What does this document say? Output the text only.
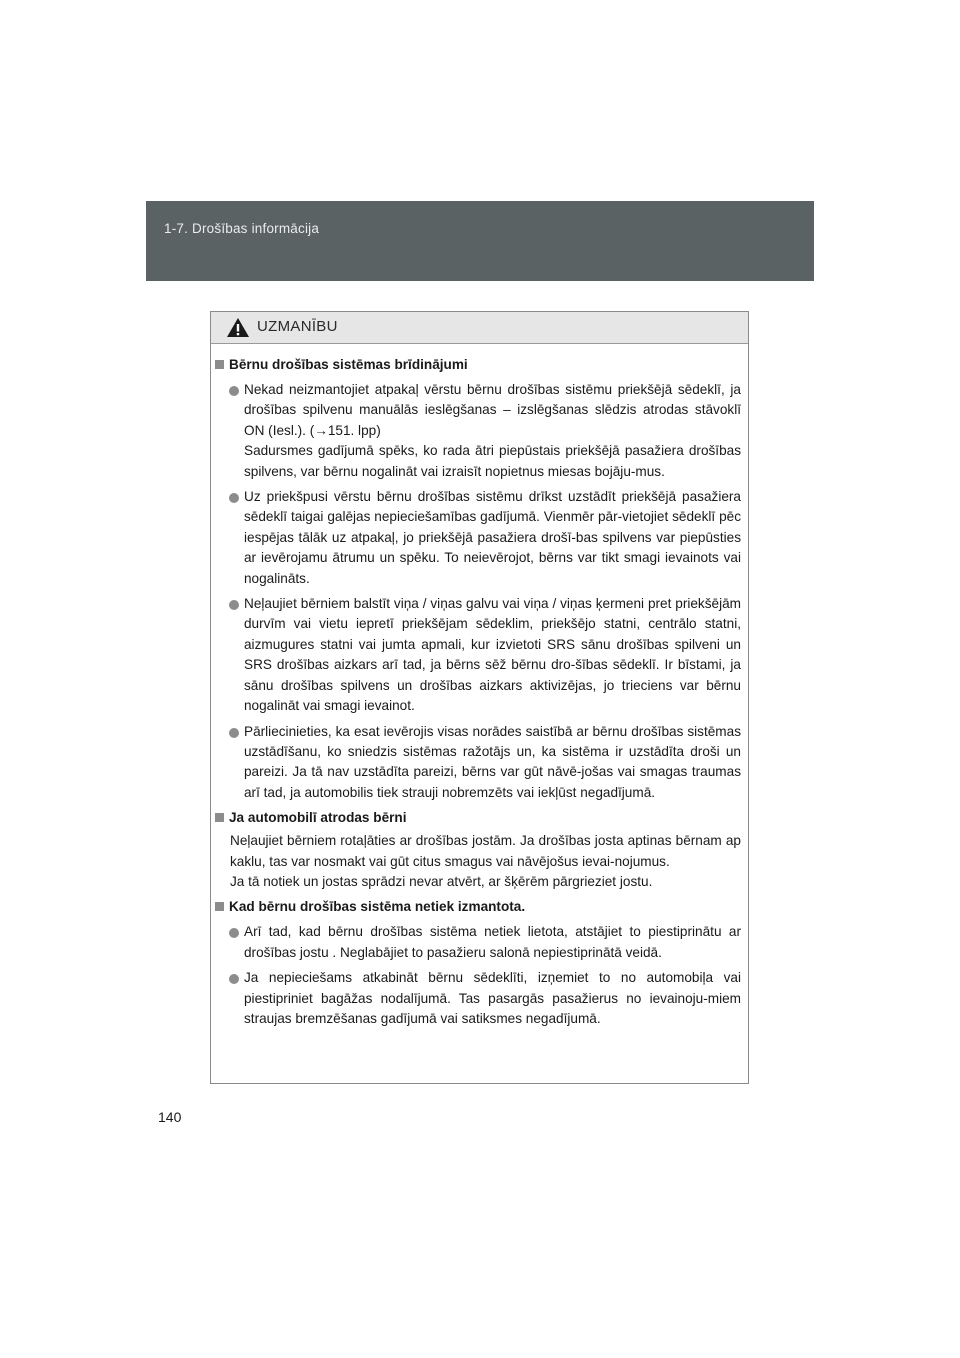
1-7. Drošības informācija
UZMANĪBU
Bērnu drošības sistēmas brīdinājumi

Nekad neizmantojiet atpakaļ vērstu bērnu drošības sistēmu priekšējā sēdeklī, ja drošības spilvenu manuālās ieslēgšanas – izslēgšanas slēdzis atrodas stāvoklī ON (Iesl.). (→151. lpp)

Sadursmes gadījumā spēks, ko rada ātri piepūstais priekšējā pasažiera drošības spilvens, var bērnu nogalināt vai izraisīt nopietnus miesas bojāju-mus.

Uz priekšpusi vērstu bērnu drošības sistēmu drīkst uzstādīt priekšējā pasažiera sēdeklī taigai galējas nepieciešamības gadījumā. Vienmēr pār-vietojiet sēdeklī pēc iespējas tālāk uz atpakaļ, jo priekšējā pasažiera drošī-bas spilvens var piepūsties ar ievērojamu ātrumu un spēku. To neievērojot, bērns var tikt smagi ievainots vai nogalināts.

Neļaujiet bērniem balstīt viņa / viņas galvu vai viņa / viņas ķermeni pret priekšējām durvīm vai vietu iepretī priekšējam sēdeklim, priekšējo statni, centrālo statni, aizmugures statni vai jumta apmali, kur izvietoti SRS sānu drošības spilveni un SRS drošības aizkars arī tad, ja bērns sēž bērnu dro-šības sēdeklī. Ir bīstami, ja sānu drošības spilvens un drošības aizkars aktivizējas, jo trieciens var bērnu nogalināt vai smagi ievainot.

Pārliecinieties, ka esat ievērojis visas norādes saistībā ar bērnu drošības sistēmas uzstādīšanu, ko sniedzis sistēmas ražotājs un, ka sistēma ir uzstādīta droši un pareizi. Ja tā nav uzstādīta pareizi, bērns var gūt nāvē-jošas vai smagas traumas arī tad, ja automobilis tiek strauji nobremzēts vai iekļūst negadījumā.

Ja automobilī atrodas bērni

Neļaujiet bērniem rotaļāties ar drošības jostām. Ja drošības josta aptinas bērnam ap kaklu, tas var nosmakt vai gūt citus smagus vai nāvējošus ievai-nojumus.

Ja tā notiek un jostas sprādzi nevar atvērt, ar šķērēm pārgrieziet jostu.

Kad bērnu drošības sistēma netiek izmantota.

Arī tad, kad bērnu drošības sistēma netiek lietota, atstājiet to piestiprinātu ar drošības jostu . Neglabājiet to pasažieru salonā nepiestiprinātā veidā.

Ja nepieciešams atkabināt bērnu sēdeklīti, izņemiet to no automobiļa vai piestipriniet bagāžas nodalījumā. Tas pasargās pasažierus no ievainoju-miem straujas bremzēšanas gadījumā vai satiksmes negadījumā.

140
